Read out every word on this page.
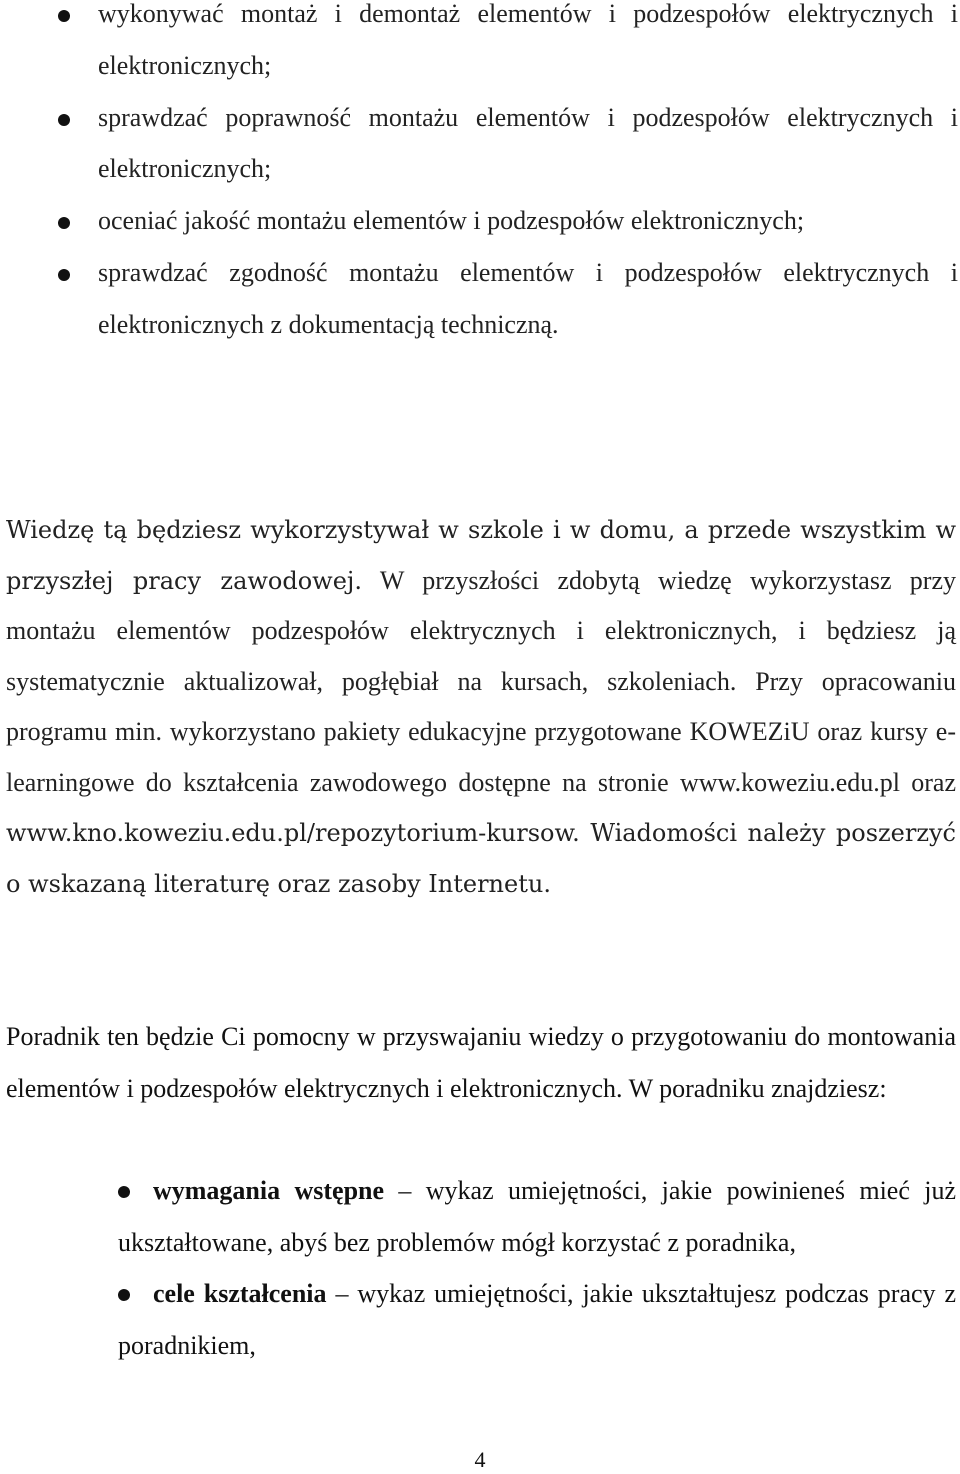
wykonywać montaż i demontaż elementów i podzespołów elektrycznych i elektronicznych;
sprawdzać poprawność montażu elementów i podzespołów elektrycznych i elektronicznych;
oceniać jakość montażu elementów i podzespołów elektronicznych;
sprawdzać zgodność montażu elementów i podzespołów elektrycznych i elektronicznych z dokumentacją techniczną.

Wiedzę tą będziesz wykorzystywał w szkole i w domu, a przede wszystkim w przyszłej pracy zawodowej. W przyszłości zdobytą wiedzę wykorzystasz przy montażu elementów podzespołów elektrycznych i elektronicznych, i będziesz ją systematycznie aktualizował, pogłębiał na kursach, szkoleniach. Przy opracowaniu programu min. wykorzystano pakiety edukacyjne przygotowane KOWEZiU oraz kursy e-learningowe do kształcenia zawodowego dostępne na stronie www.koweziu.edu.pl oraz www.kno.koweziu.edu.pl/repozytorium-kursow. Wiadomości należy poszerzyć o wskazaną literaturę oraz zasoby Internetu.

Poradnik ten będzie Ci pomocny w przyswajaniu wiedzy o przygotowaniu do montowania elementów i podzespołów elektrycznych i elektronicznych. W poradniku znajdziesz:

wymagania wstępne – wykaz umiejętności, jakie powinieneś mieć już ukształtowane, abyś bez problemów mógł korzystać z poradnika,
cele kształcenia – wykaz umiejętności, jakie ukształtujesz podczas pracy z poradnikiem,
4
